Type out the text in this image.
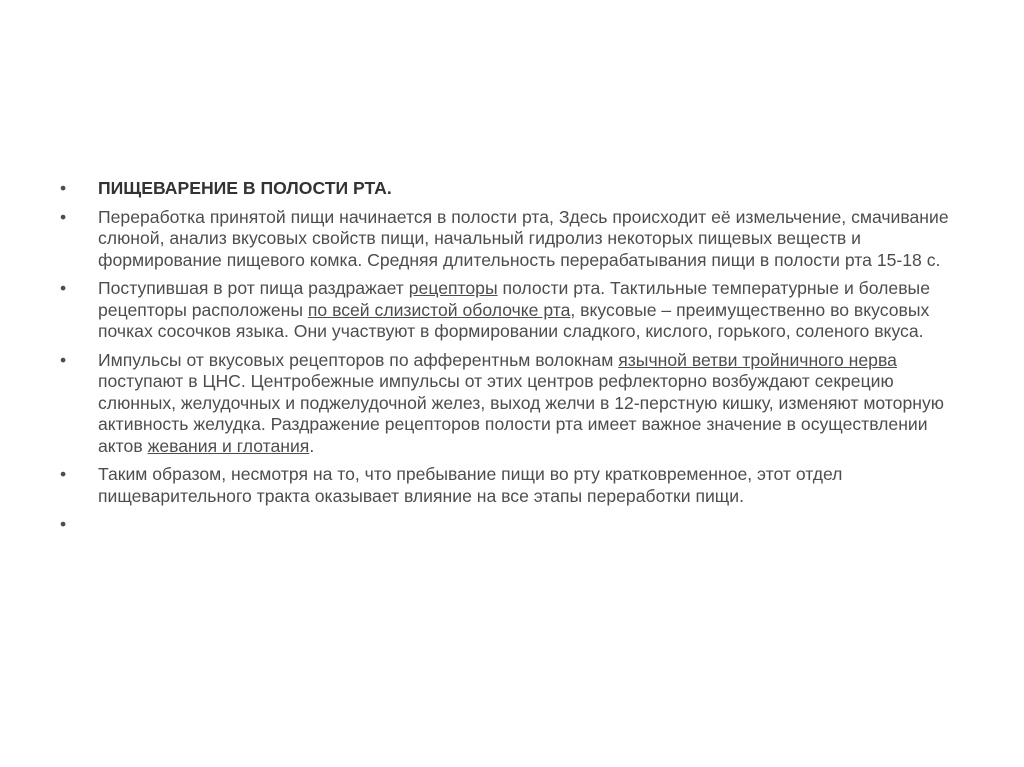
•	ПИЩЕВАРЕНИЕ В ПОЛОСТИ РТА.
•	Переработка принятой пищи начинается в полости рта, Здесь происходит её измельчение, смачивание слюной, анализ вкусовых свойств пищи, начальный гидролиз некоторых пищевых веществ и формирование пищевого комка. Средняя длительность перерабатывания пищи в полости рта 15-18 с.
•	Поступившая в рот пища раздражает рецепторы полости рта. Тактильные температурные и болевые рецепторы расположены по всей слизистой оболочке рта, вкусовые – преимущественно во вкусовых почках сосочков языка. Они участвуют в формировании сладкого, кислого, горького, соленого вкуса.
•	Импульсы от вкусовых рецепторов по афферентньм волокнам язычной ветви тройничного нерва поступают в ЦНС. Центробежные импульсы от этих центров рефлекторно возбуждают секрецию слюнных, желудочных и поджелудочной желез, выход желчи в 12-перстную кишку, изменяют моторную активность желудка. Раздражение рецепторов полости рта имеет важное значение в осуществлении актов жевания и глотания.
•	Таким образом, несмотря на то, что пребывание пищи во рту кратковременное, этот отдел пищеварительного тракта оказывает влияние на все этапы переработки пищи.
•
